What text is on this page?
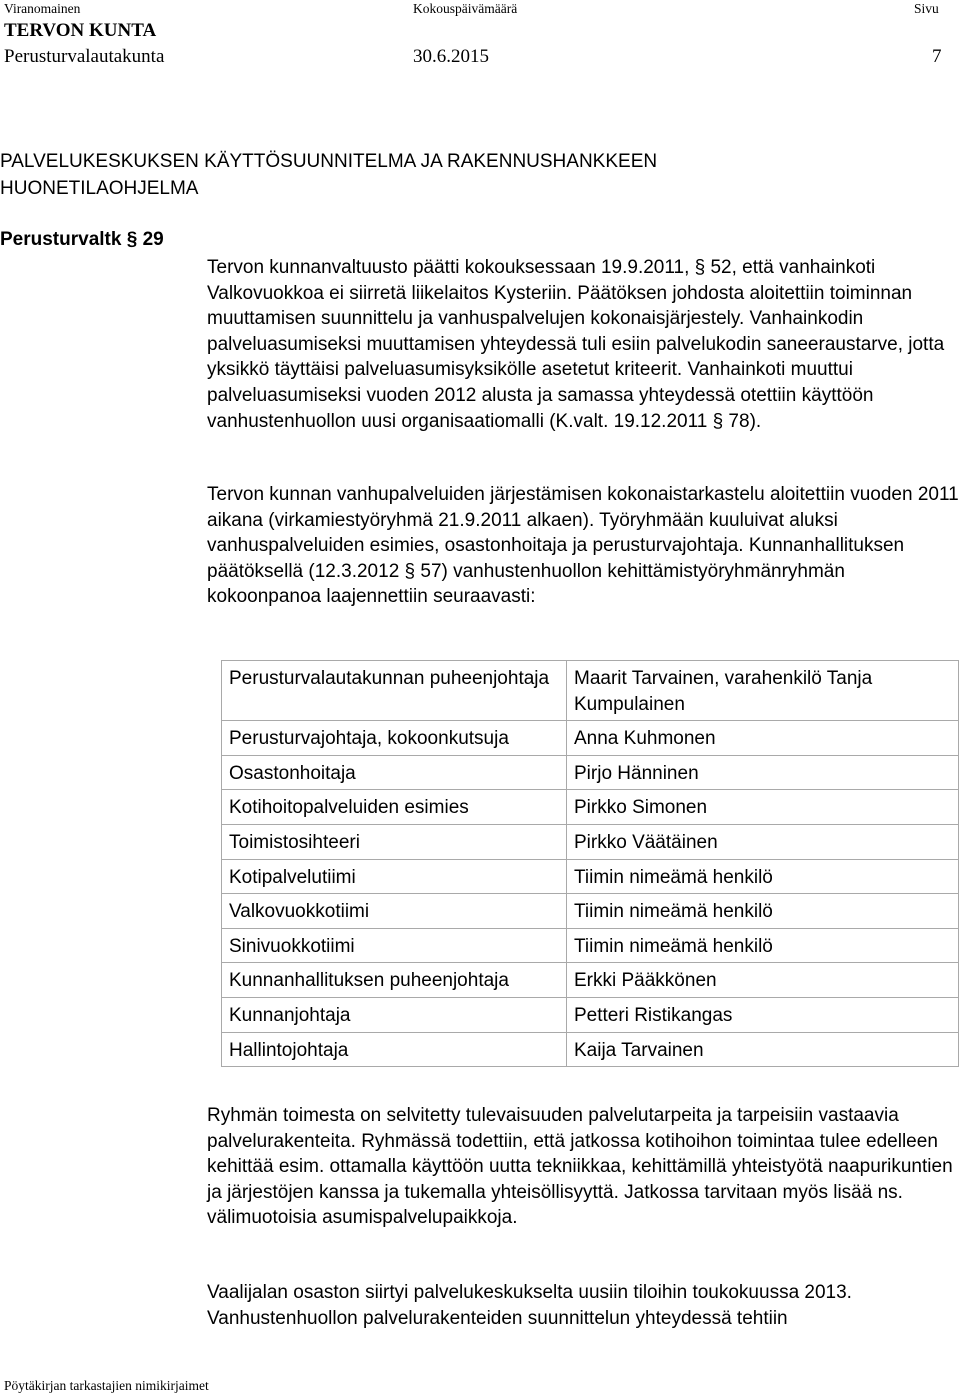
Viranomainen	Kokouspäivämäärä	Sivu
TERVON KUNTA
Perusturvalautakunta	30.6.2015	7
PALVELUKESKUKSEN KÄYTTÖSUUNNITELMA JA RAKENNUSHANKKEEN
HUONETILAOHJELMA
Perusturvaltk § 29

Tervon kunnanvaltuusto päätti kokouksessaan 19.9.2011, § 52, että vanhainkoti Valkovuokkoa ei siirretä liikelaitos Kysteriin. Päätöksen johdosta aloitettiin toiminnan muuttamisen suunnittelu ja vanhuspalvelujen kokonaisjärjestely. Vanhainkodin palveluasumiseksi muuttamisen yhteydessä tuli esiin palvelukodin saneeraustarve, jotta yksikkö täyttäisi palveluasumisyksikölle asetetut kriteerit. Vanhainkoti muuttui palveluasumiseksi vuoden 2012 alusta ja samassa yhteydessä otettiin käyttöön vanhustenhuollon uusi organisaatiomalli (K.valt. 19.12.2011 § 78).

Tervon kunnan vanhupalveluiden järjestämisen kokonaistarkastelu aloitettiin vuoden 2011 aikana (virkamiestyöryhmä 21.9.2011 alkaen). Työryhmään kuuluivat aluksi vanhuspalveluiden esimies, osastonhoitaja ja perusturvajohtaja. Kunnanhallituksen päätöksellä (12.3.2012 § 57) vanhustenhuollon kehittämistyöryhmänryhmän kokoonpanoa laajennettiin seuraavasti:

Perusturvalautakunnan puheenjohtaja	Maarit Tarvainen, varahenkilö Tanja Kumpulainen
Perusturvajohtaja, kokoonkutsuja	Anna Kuhmonen
Osastonhoitaja	Pirjo Hänninen
Kotihoitopalveluiden esimies	Pirkko Simonen
Toimistosihteeri	Pirkko Väätäinen
Kotipalvelutiimi	Tiimin nimeämä henkilö
Valkovuokkotiimi	Tiimin nimeämä henkilö
Sinivuokkotiimi	Tiimin nimeämä henkilö
Kunnanhallituksen puheenjohtaja	Erkki Pääkkönen
Kunnanjohtaja	Petteri Ristikangas
Hallintojohtaja	Kaija Tarvainen

Ryhmän toimesta on selvitetty tulevaisuuden palvelutarpeita ja tarpeisiin vastaavia palvelurakenteita. Ryhmässä todettiin, että jatkossa kotihoihon toimintaa tulee edelleen kehittää esim. ottamalla käyttöön uutta tekniikkaa, kehittämillä yhteistyötä naapurikuntien ja järjestöjen kanssa ja tukemalla yhteisöllisyyttä. Jatkossa tarvitaan myös lisää ns. välimuotoisia asumispalvelupaikkoja.

Vaalijalan osaston siirtyi palvelukeskukselta uusiin tiloihin toukokuussa 2013. Vanhustenhuollon palvelurakenteiden suunnittelun yhteydessä tehtiin

Pöytäkirjan tarkastajien nimikirjaimet
